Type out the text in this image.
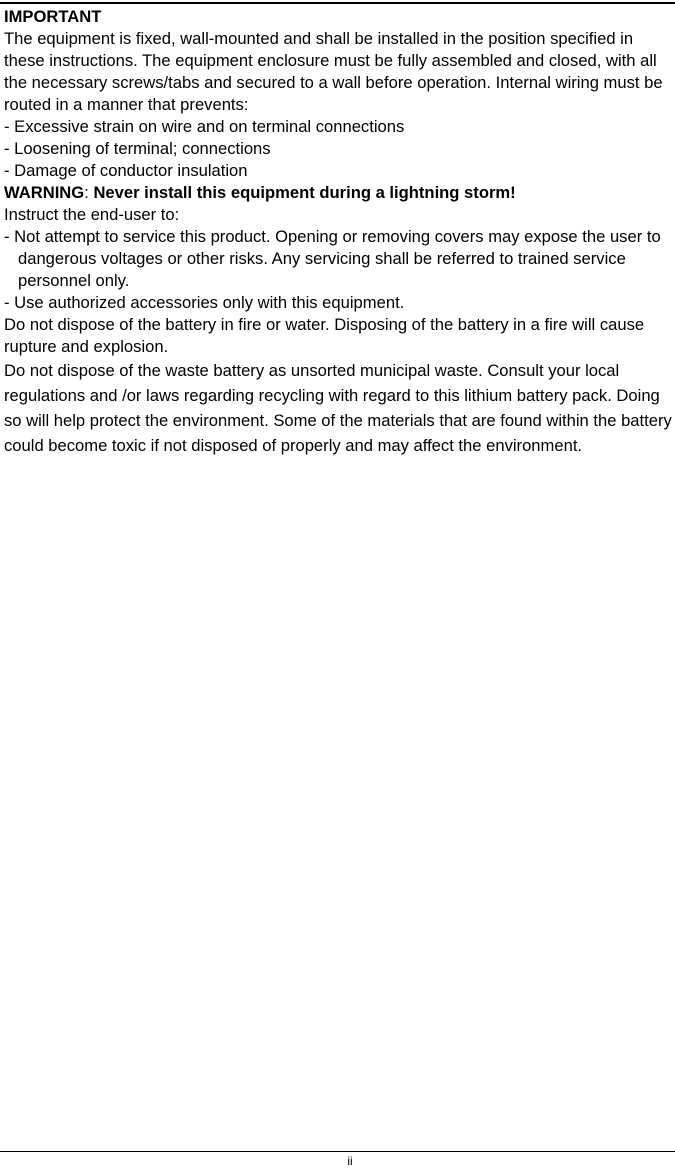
IMPORTANT

The equipment is fixed, wall-mounted and shall be installed in the position specified in these instructions. The equipment enclosure must be fully assembled and closed, with all the necessary screws/tabs and secured to a wall before operation. Internal wiring must be routed in a manner that prevents:

- Excessive strain on wire and on terminal connections

- Loosening of terminal; connections

- Damage of conductor insulation

WARNING: Never install this equipment during a lightning storm!

Instruct the end-user to:

- Not attempt to service this product. Opening or removing covers may expose the user to dangerous voltages or other risks. Any servicing shall be referred to trained service personnel only.

- Use authorized accessories only with this equipment.

Do not dispose of the battery in fire or water. Disposing of the battery in a fire will cause rupture and explosion.

Do not dispose of the waste battery as unsorted municipal waste. Consult your local regulations and /or laws regarding recycling with regard to this lithium battery pack. Doing so will help protect the environment. Some of the materials that are found within the battery could become toxic if not disposed of properly and may affect the environment.

ii
